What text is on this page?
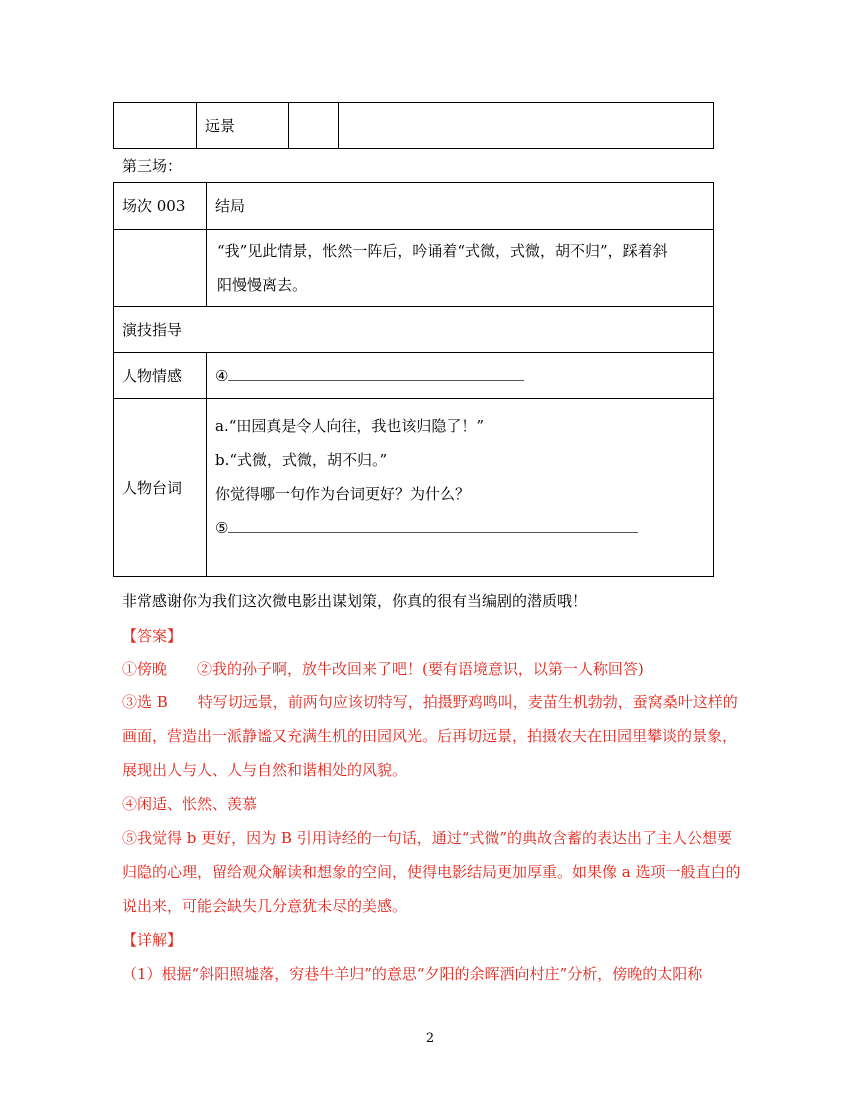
	远景		
第三场：
场次 003	结局

	“我”见此情景，怅然一阵后，吟诵着“式微，式微，胡不归”，踩着斜

阳慢慢离去。

演技指导	
人物情感	④
人物台词	a.“田园真是令人向往，我也该归隐了！”

b.“式微，式微，胡不归。”

你觉得哪一句作为台词更好？为什么？

⑤

非常感谢你为我们这次微电影出谋划策，你真的很有当编剧的潜质哦！
【答案】
①傍晚　　②我的孙子啊，放牛改回来了吧！(要有语境意识，以第一人称回答)
③选 B　　特写切远景，前两句应该切特写，拍摄野鸡鸣叫，麦苗生机勃勃，蚕窝桑叶这样的
画面，营造出一派静谧又充满生机的田园风光。后再切远景，拍摄农夫在田园里攀谈的景象，
展现出人与人、人与自然和谐相处的风貌。
④闲适、怅然、羡慕
⑤我觉得 b 更好，因为 B 引用诗经的一句话，通过“式微”的典故含蓄的表达出了主人公想要
归隐的心理，留给观众解读和想象的空间，使得电影结局更加厚重。如果像 a 选项一般直白的
说出来，可能会缺失几分意犹未尽的美感。
【详解】
（1）根据“斜阳照墟落，穷巷牛羊归”的意思“夕阳的余晖洒向村庄”分析，傍晚的太阳称
2
